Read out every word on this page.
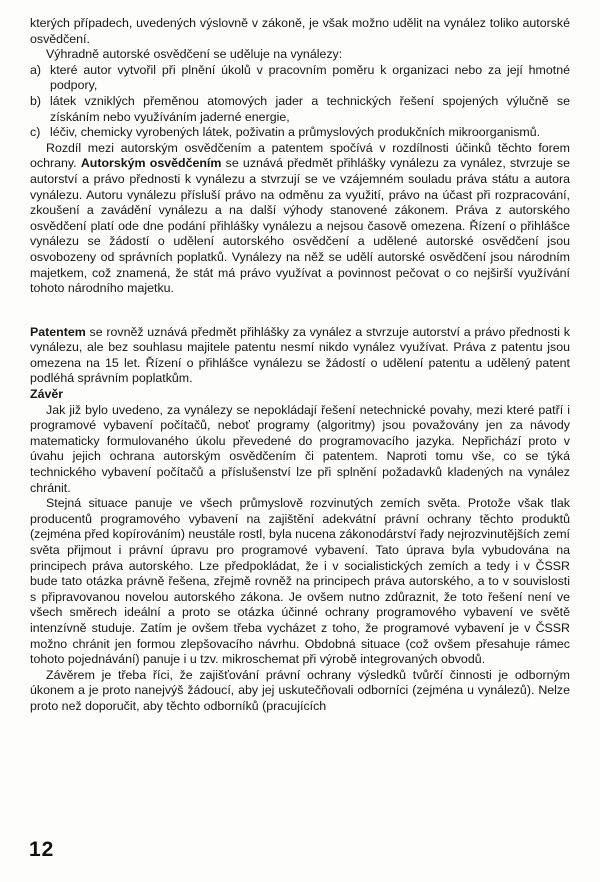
kterých případech, uvedených výslovně v zákoně, je však možno udělit na vynález toliko autorské osvědčení.

Výhradně autorské osvědčení se uděluje na vynálezy:

a) které autor vytvořil při plnění úkolů v pracovním poměru k organizaci nebo za její hmotné podpory,
b) látek vzniklých přeměnou atomových jader a technických řešení spojených výlučně se získáním nebo využíváním jaderné energie,
c) léčiv, chemicky vyrobených látek, poživatin a průmyslových produkčních mikroorganismů.

Rozdíl mezi autorským osvědčením a patentem spočívá v rozdílnosti účinků těchto forem ochrany. Autorským osvědčením se uznává předmět přihlášky vynálezu za vynález, stvrzuje se autorství a právo přednosti k vynálezu a stvrzují se ve vzájemném souladu práva státu a autora vynálezu. Autoru vynálezu přísluší právo na odměnu za využití, právo na účast při rozpracování, zkoušení a zavádění vynálezu a na další výhody stanovené zákonem. Práva z autorského osvědčení platí ode dne podání přihlášky vynálezu a nejsou časově omezena. Řízení o přihlášce vynálezu se žádostí o udělení autorského osvědčení a udělené autorské osvědčení jsou osvobozeny od správních poplatků. Vynálezy na něž se udělí autorské osvědčení jsou národním majetkem, což znamená, že stát má právo využívat a povinnost pečovat o co nejširší využívání tohoto národního majetku.

Patentem se rovněž uznává předmět přihlášky za vynález a stvrzuje autorství a právo přednosti k vynálezu, ale bez souhlasu majitele patentu nesmí nikdo vynález využívat. Práva z patentu jsou omezena na 15 let. Řízení o přihlášce vynálezu se žádostí o udělení patentu a udělený patent podléhá správním poplatkům.

Závěr

Jak již bylo uvedeno, za vynálezy se nepokládají řešení netechnické povahy, mezi které patří i programové vybavení počítačů, neboť programy (algoritmy) jsou považovány jen za návody matematicky formulovaného úkolu převedené do programovacího jazyka. Nepřichází proto v úvahu jejich ochrana autorským osvědčením či patentem. Naproti tomu vše, co se týká technického vybavení počítačů a příslušenství lze při splnění požadavků kladených na vynález chránit.

Stejná situace panuje ve všech průmyslově rozvinutých zemích světa. Protože však tlak producentů programového vybavení na zajištění adekvátní právní ochrany těchto produktů (zejména před kopírováním) neustále rostl, byla nucena zákonodárství řady nejrozvinutějších zemí světa přijmout i právní úpravu pro programové vybavení. Tato úprava byla vybudována na principech práva autorského. Lze předpokládat, že i v socialistických zemích a tedy i v ČSSR bude tato otázka právně řešena, zřejmě rovněž na principech práva autorského, a to v souvislosti s připravovanou novelou autorského zákona. Je ovšem nutno zdůraznit, že toto řešení není ve všech směrech ideální a proto se otázka účinné ochrany programového vybavení ve světě intenzívně studuje. Zatím je ovšem třeba vycházet z toho, že programové vybavení je v ČSSR možno chránit jen formou zlepšovacího návrhu. Obdobná situace (což ovšem přesahuje rámec tohoto pojednávání) panuje i u tzv. mikroschemat při výrobě integrovaných obvodů.

Závěrem je třeba říci, že zajišťování právní ochrany výsledků tvůrčí činnosti je odborným úkonem a je proto nanejvýš žádoucí, aby jej uskutečňovali odborníci (zejména u vynálezů). Nelze proto než doporučit, aby těchto odborníků (pracujících

12
